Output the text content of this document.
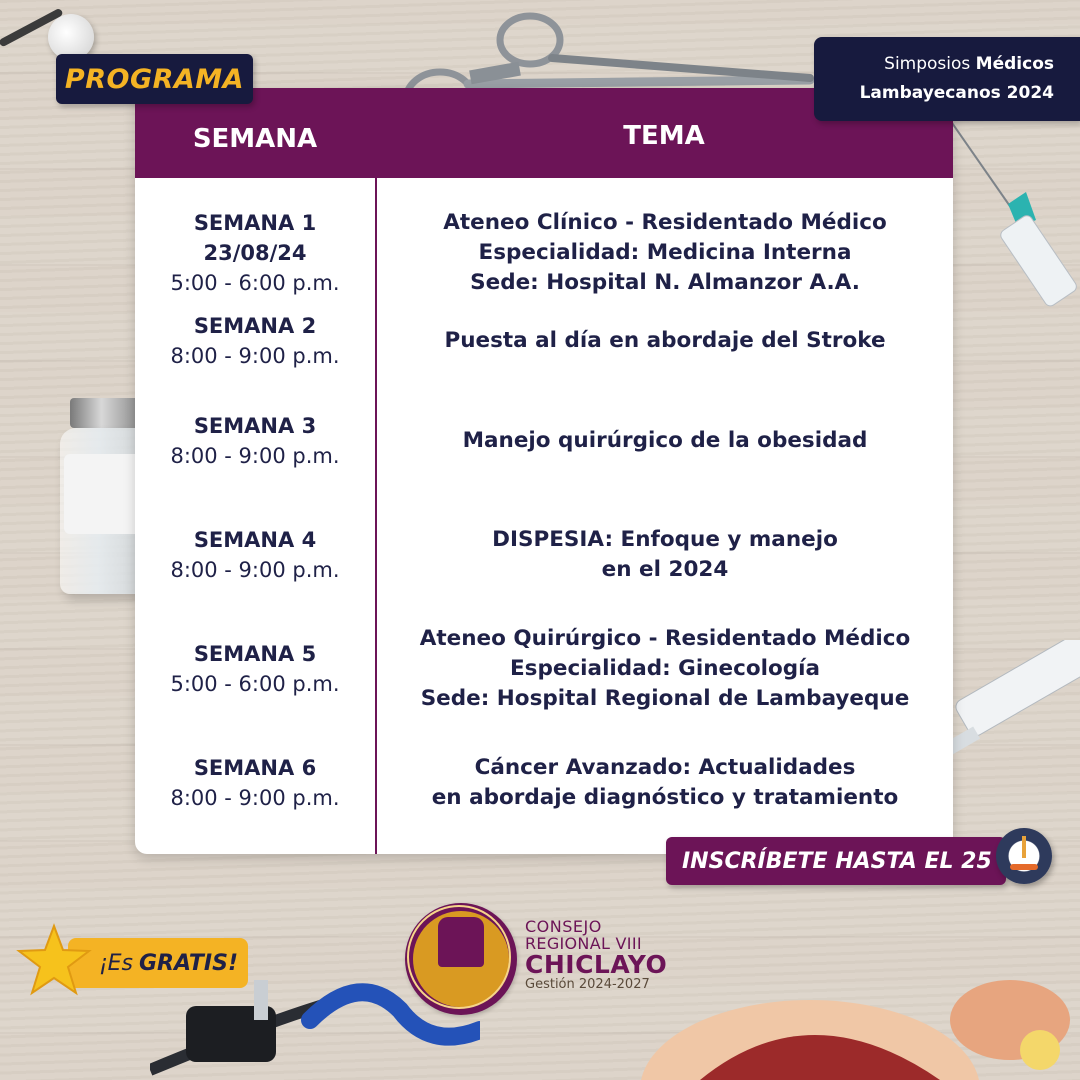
PROGRAMA	Simposios Médicos
Lambayecanos 2024
SEMANA	TEMA
SEMANA 1
23/08/24
5:00 - 6:00 p.m.
Ateneo Clínico - Residentado Médico
Especialidad: Medicina Interna
Sede: Hospital N. Almanzor A.A.
SEMANA 2
8:00 - 9:00 p.m.
Puesta al día en abordaje del Stroke
SEMANA 3
8:00 - 9:00 p.m.
Manejo quirúrgico de la obesidad
SEMANA 4
8:00 - 9:00 p.m.
DISPESIA: Enfoque y manejo
en el 2024
SEMANA 5
5:00 - 6:00 p.m.
Ateneo Quirúrgico - Residentado Médico
Especialidad: Ginecología
Sede: Hospital Regional de Lambayeque
SEMANA 6
8:00 - 9:00 p.m.
Cáncer Avanzado: Actualidades
en abordaje diagnóstico y tratamiento
INSCRÍBETE HASTA EL 25
¡Es GRATIS!
CONSEJO
REGIONAL VIII
CHICLAYO
Gestión 2024-2027
